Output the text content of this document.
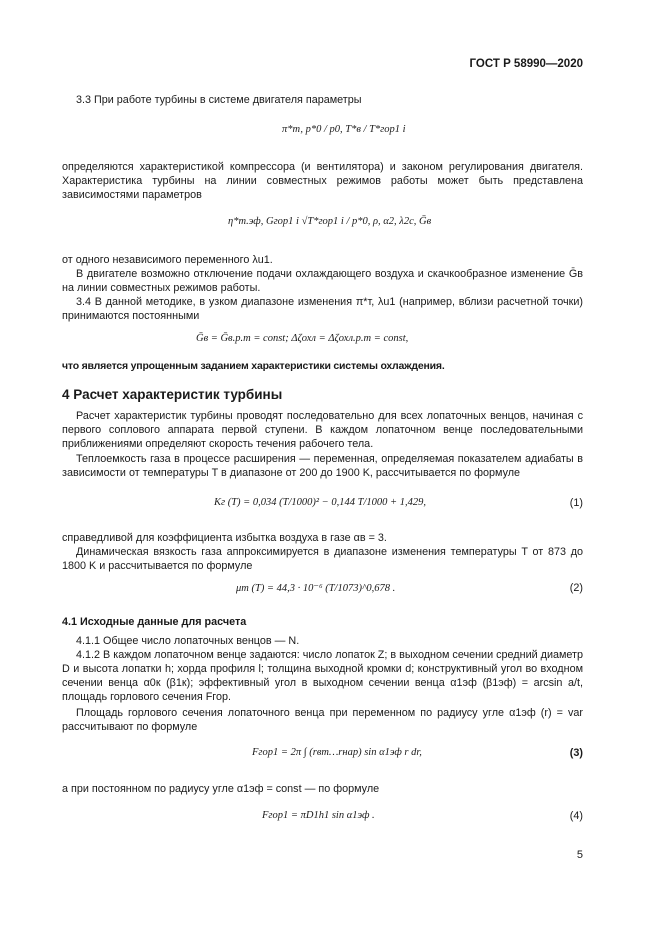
ГОСТ Р 58990—2020

3.3 При работе турбины в системе двигателя параметры

π*т, p*0 / p0, T*в / T*гор1 i

определяются характеристикой компрессора (и вентилятора) и законом регулирования двигателя. Характеристика турбины на линии совместных режимов работы может быть представлена зависимостями параметров

η*т.эф, Gгор1 i √T*гор1 i / p*0, ρ, α2, λ2c, Ḡв

от одного независимого переменного λu1.

В двигателе возможно отключение подачи охлаждающего воздуха и скачкообразное изменение Ḡв на линии совместных режимов работы.

3.4 В данной методике, в узком диапазоне изменения π*т, λu1 (например, вблизи расчетной точки) принимаются постоянными

Ḡв = Ḡв.р.т = const; Δζохл = Δζохл.р.т = const,
что является упрощенным заданием характеристики системы охлаждения.
4 Расчет характеристик турбины

Расчет характеристик турбины проводят последовательно для всех лопаточных венцов, начиная с первого соплового аппарата первой ступени. В каждом лопаточном венце последовательными приближениями определяют скорость течения рабочего тела.

Теплоемкость газа в процессе расширения — переменная, определяемая показателем адиабаты в зависимости от температуры T в диапазоне от 200 до 1900 K, рассчитывается по формуле

Kг (T) = 0,034 (T/1000)² − 0,144 T/1000 + 1,429,	(1)

справедливой для коэффициента избытка воздуха в газе αв = 3.

Динамическая вязкость газа аппроксимируется в диапазоне изменения температуры T от 873 до 1800 K и рассчитывается по формуле

μт (T) = 44,3 · 10⁻⁶ (T/1073)^0,678 .	(2)
4.1 Исходные данные для расчета

4.1.1 Общее число лопаточных венцов — N.

4.1.2 В каждом лопаточном венце задаются: число лопаток Z; в выходном сечении средний диаметр D и высота лопатки h; хорда профиля l; толщина выходной кромки d; конструктивный угол во входном сечении венца α0к (β1к); эффективный угол в выходном сечении венца α1эф (β1эф) = arcsin a/t, площадь горлового сечения Fгор.

Площадь горлового сечения лопаточного венца при переменном по радиусу угле α1эф (r) = var рассчитывают по формуле

Fгор1 = 2π ∫ (rвт…rнар) sin α1эф r dr,	(3)

а при постоянном по радиусу угле α1эф = const — по формуле

Fгор1 = πD1h1 sin α1эф .	(4)
5
